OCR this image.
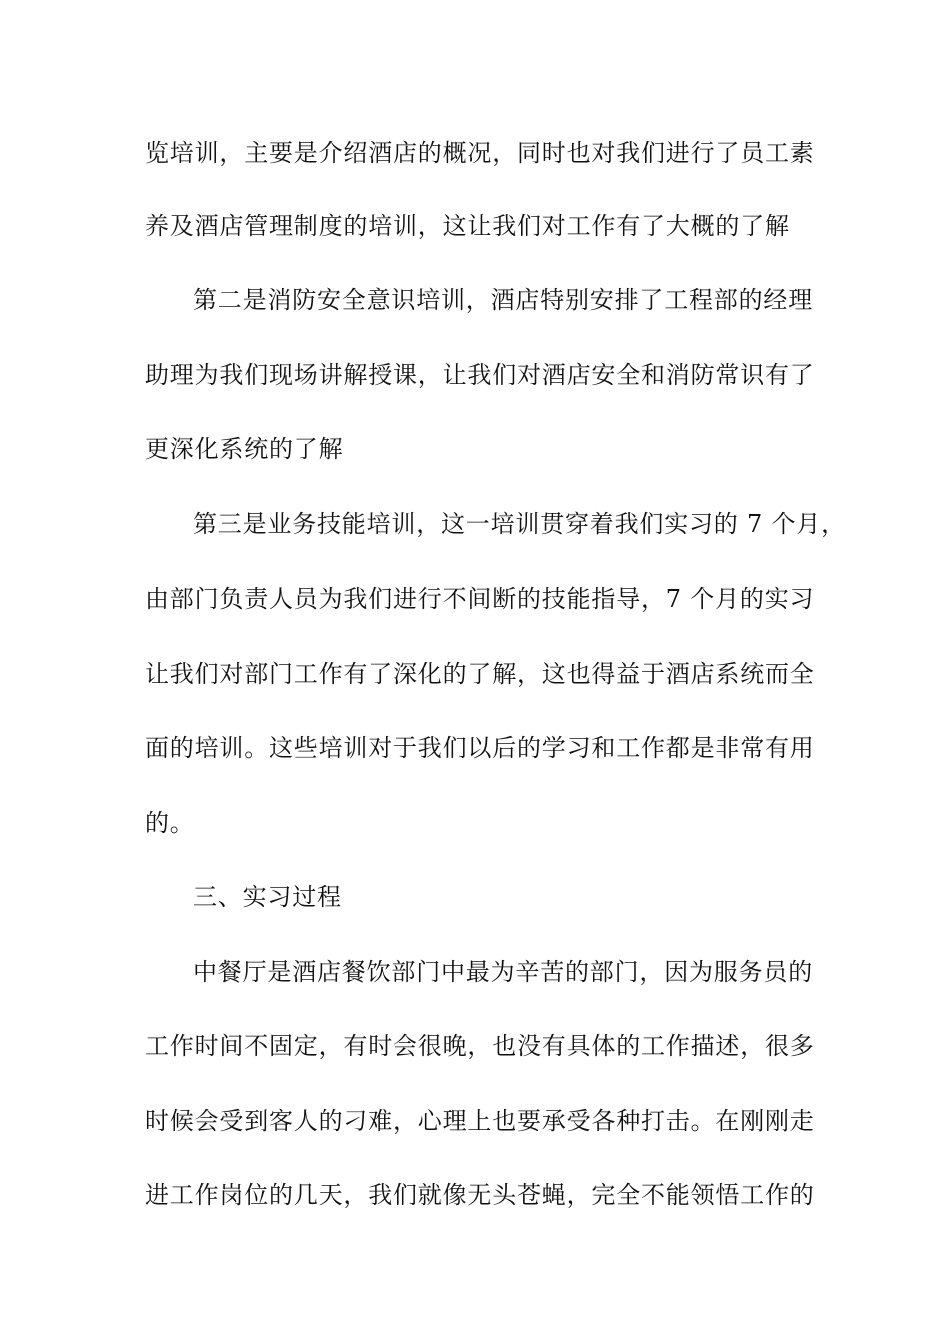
览培训，主要是介绍酒店的概况，同时也对我们进行了员工素
养及酒店管理制度的培训，这让我们对工作有了大概的了解
第二是消防安全意识培训，酒店特别安排了工程部的经理
助理为我们现场讲解授课，让我们对酒店安全和消防常识有了
更深化系统的了解
第三是业务技能培训，这一培训贯穿着我们实习的 7 个月，
由部门负责人员为我们进行不间断的技能指导，7 个月的实习
让我们对部门工作有了深化的了解，这也得益于酒店系统而全
面的培训。这些培训对于我们以后的学习和工作都是非常有用
的。
三、实习过程
中餐厅是酒店餐饮部门中最为辛苦的部门，因为服务员的
工作时间不固定，有时会很晚，也没有具体的工作描述，很多
时候会受到客人的刁难，心理上也要承受各种打击。在刚刚走
进工作岗位的几天，我们就像无头苍蝇，完全不能领悟工作的
